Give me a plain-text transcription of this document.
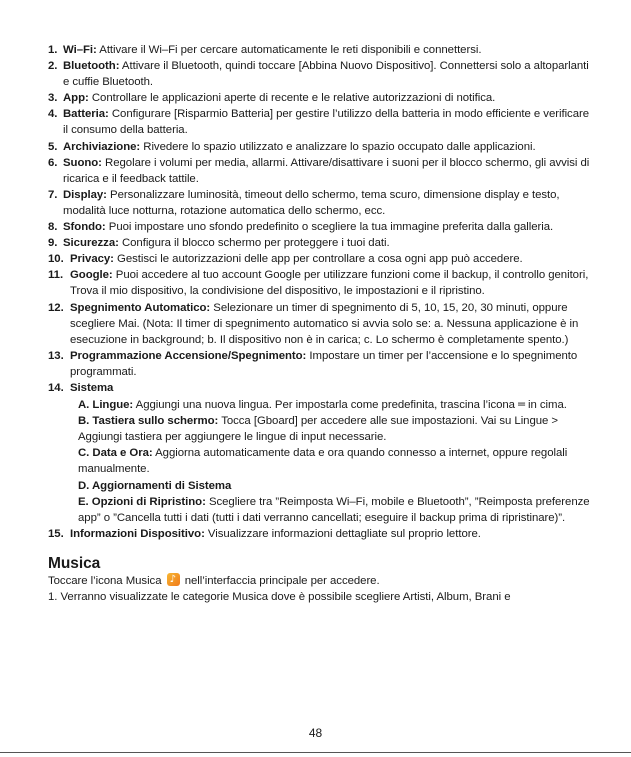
1. Wi–Fi: Attivare il Wi–Fi per cercare automaticamente le reti disponibili e connettersi.
2. Bluetooth: Attivare il Bluetooth, quindi toccare [Abbina Nuovo Dispositivo]. Connettersi solo a altoparlanti e cuffie Bluetooth.
3. App: Controllare le applicazioni aperte di recente e le relative autorizzazioni di notifica.
4. Batteria: Configurare [Risparmio Batteria] per gestire l’utilizzo della batteria in modo efficiente e verificare il consumo della batteria.
5. Archiviazione: Rivedere lo spazio utilizzato e analizzare lo spazio occupato dalle applicazioni.
6. Suono: Regolare i volumi per media, allarmi. Attivare/disattivare i suoni per il blocco schermo, gli avvisi di ricarica e il feedback tattile.
7. Display: Personalizzare luminosità, timeout dello schermo, tema scuro, dimensione display e testo, modalità luce notturna, rotazione automatica dello schermo, ecc.
8. Sfondo: Puoi impostare uno sfondo predefinito o scegliere la tua immagine preferita dalla galleria.
9. Sicurezza: Configura il blocco schermo per proteggere i tuoi dati.
10. Privacy: Gestisci le autorizzazioni delle app per controllare a cosa ogni app può accedere.
11. Google: Puoi accedere al tuo account Google per utilizzare funzioni come il backup, il controllo genitori, Trova il mio dispositivo, la condivisione del dispositivo, le impostazioni e il ripristino.
12. Spegnimento Automatico: Selezionare un timer di spegnimento di 5, 10, 15, 20, 30 minuti, oppure scegliere Mai. (Nota: Il timer di spegnimento automatico si avvia solo se: a. Nessuna applicazione è in esecuzione in background; b. Il dispositivo non è in carica; c. Lo schermo è completamente spento.)
13. Programmazione Accensione/Spegnimento: Impostare un timer per l’accensione e lo spegnimento programmati.
14. Sistema
A. Lingue: Aggiungi una nuova lingua. Per impostarla come predefinita, trascina l’icona ═ in cima.
B. Tastiera sullo schermo: Tocca [Gboard] per accedere alle sue impostazioni. Vai su Lingue > Aggiungi tastiera per aggiungere le lingue di input necessarie.
C. Data e Ora: Aggiorna automaticamente data e ora quando connesso a internet, oppure regolali manualmente.
D. Aggiornamenti di Sistema
E. Opzioni di Ripristino: Scegliere tra ”Reimposta Wi–Fi, mobile e Bluetooth”, ”Reimposta preferenze app” o ”Cancella tutti i dati (tutti i dati verranno cancellati; eseguire il backup prima di ripristinare)”.
15. Informazioni Dispositivo: Visualizzare informazioni dettagliate sul proprio lettore.
Musica
Toccare l’icona Musica ♪ nell’interfaccia principale per accedere.
1. Verranno visualizzate le categorie Musica dove è possibile scegliere Artisti, Album, Brani e
48
